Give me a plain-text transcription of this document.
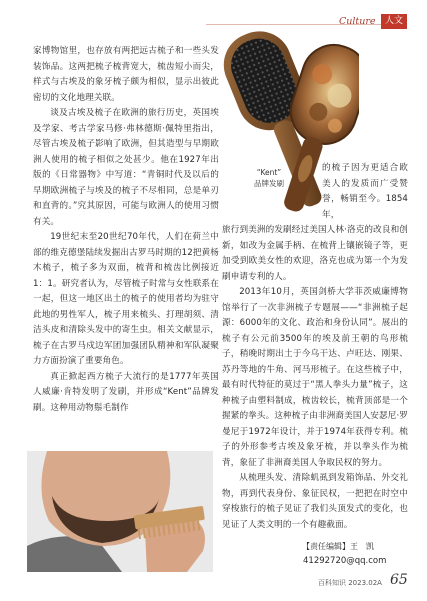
Culture	人文

家博物馆里，也存放有两把远古梳子和一些头发装饰品。这两把梳子梳背宽大，梳齿短小而尖，样式与古埃及的象牙梳子颇为相似，显示出彼此密切的文化地理关联。

谈及古埃及梳子在欧洲的旅行历史，英国埃及学家、考古学家马修·弗林德斯·佩特里指出，尽管古埃及梳子影响了欧洲，但其造型与早期欧洲人使用的梳子相似之处甚少。他在1927年出版的《日常器物》中写道：“青铜时代及以后的早期欧洲梳子与埃及的梳子不尽相同，总是单刃和直背的。”究其原因，可能与欧洲人的使用习惯有关。

19世纪末至20世纪70年代，人们在荷兰中部的维克德堡陆续发掘出古罗马时期的12把黄杨木梳子，梳子多为双面，梳背和梳齿比例接近1：1。研究者认为，尽管梳子时常与女性联系在一起，但这一地区出土的梳子的使用者均为驻守此地的男性军人，梳子用来梳头、打理胡须、清洁头皮和清除头发中的寄生虫。相关文献显示，梳子在古罗马戍边军团加强团队精神和军队凝聚力方面扮演了重要角色。

真正掀起西方梳子大流行的是1777年英国人威廉·肯特发明了发刷，并形成“Kent”品牌发刷。这种用动物鬃毛制作

“Kent”
品牌发刷

的梳子因为更适合欧美人的发质而广受赞誉，畅销至今。1854年，

旅行到美洲的发刷经过美国人林·洛克的改良和创新，如改为金属手柄、在梳背上镶嵌镜子等，更加受到欧美女性的欢迎，洛克也成为第一个为发刷申请专利的人。

2013年10月，英国剑桥大学菲茨威廉博物馆举行了一次非洲梳子专题展——“非洲梳子起源：6000年的文化、政治和身份认同”。展出的梳子有公元前3500年的埃及前王朝的鸟形梳子，稍晚时期出土于今乌干达、卢旺达、刚果、苏丹等地的牛角、河马形梳子。在这些梳子中，最有时代特征的莫过于“黑人拳头力量”梳子，这种梳子由塑料制成，梳齿较长，梳背顶部是一个握紧的拳头。这种梳子由非洲裔美国人安瑟尼·罗曼尼于1972年设计，并于1974年获得专利。梳子的外形参考古埃及象牙梳，并以拳头作为梳背，象征了非洲裔美国人争取民权的努力。

从梳理头发、清除虮虱到发箱饰品、外交礼物，再到代表身份、象征民权，一把把在时空中穿梭旅行的梳子见证了我们头顶发式的变化，也见证了人类文明的一个有趣截面。

【责任编辑】王　凯
41292720@qq.com
百科知识 2023.02A 65
